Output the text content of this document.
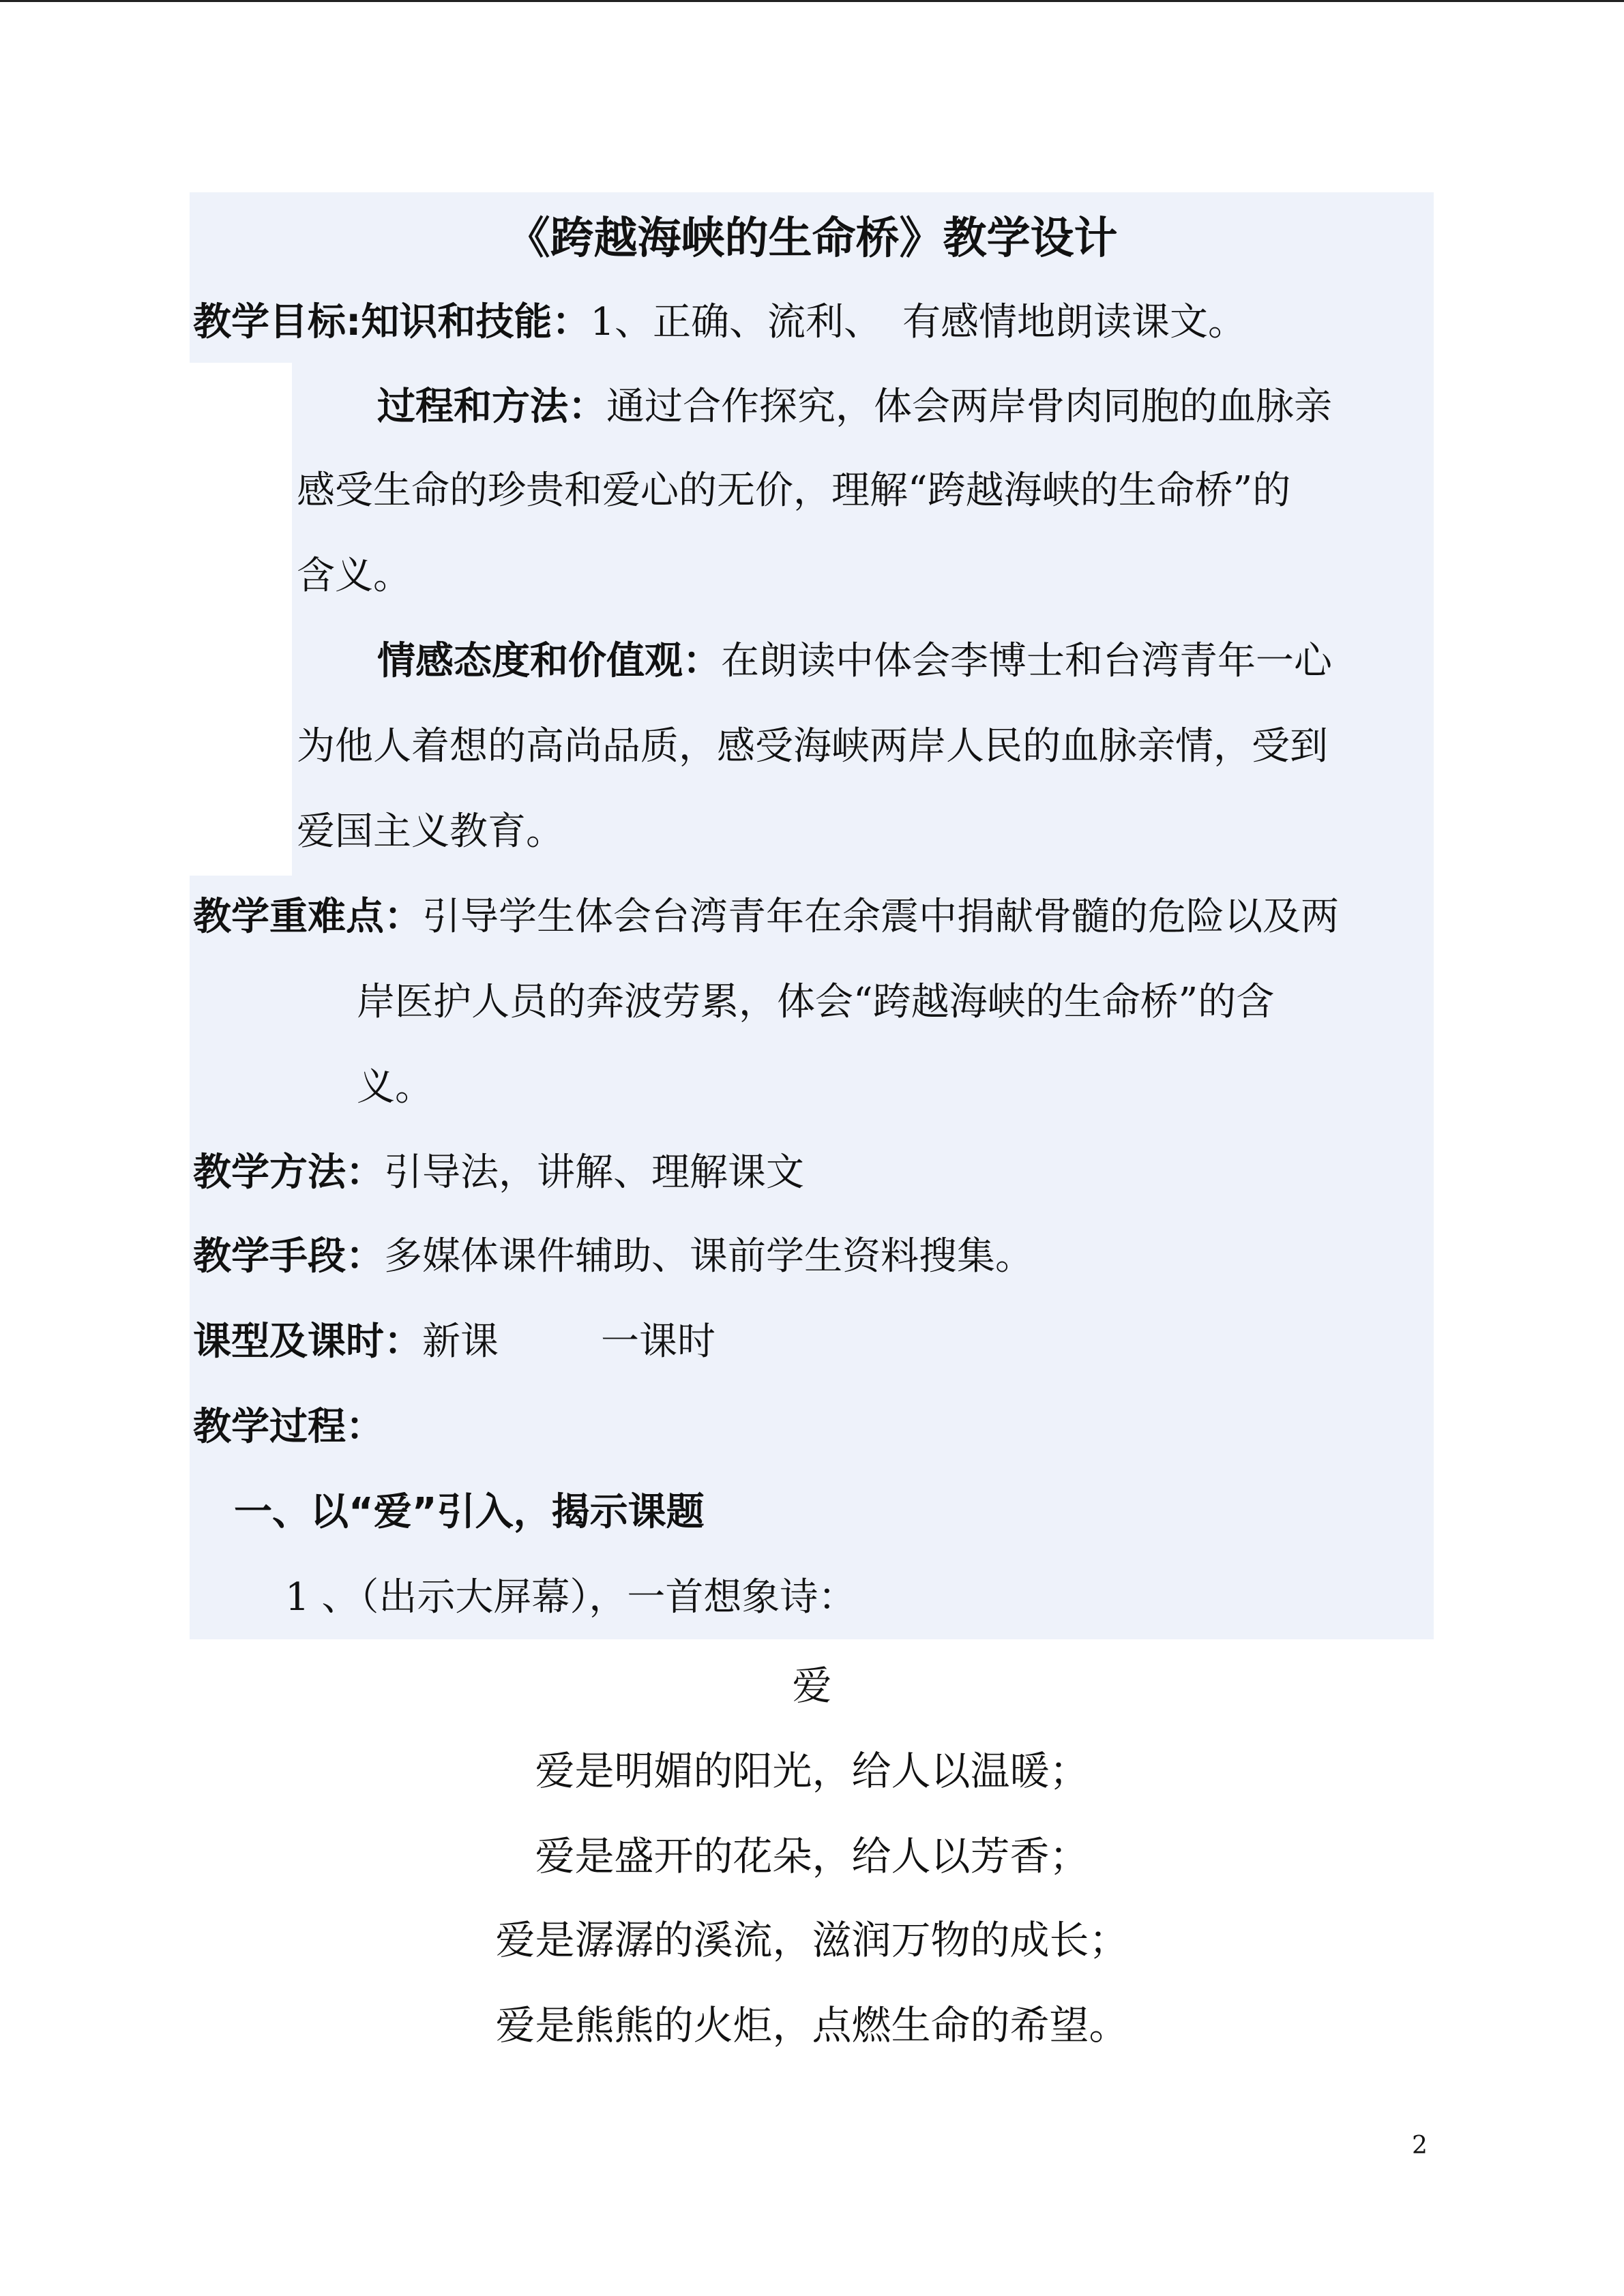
《跨越海峡的生命桥》教学设计
教学目标:知识和技能：1、正确、流利、 有感情地朗读课文。
过程和方法：通过合作探究，体会两岸骨肉同胞的血脉亲
感受生命的珍贵和爱心的无价，理解“跨越海峡的生命桥”的
含义。
情感态度和价值观：在朗读中体会李博士和台湾青年一心
为他人着想的高尚品质，感受海峡两岸人民的血脉亲情，受到
爱国主义教育。
教学重难点：引导学生体会台湾青年在余震中捐献骨髓的危险以及两
岸医护人员的奔波劳累，体会“跨越海峡的生命桥”的含
义。
教学方法：引导法，讲解、理解课文
教学手段：多媒体课件辅助、课前学生资料搜集。
课型及课时：新课	一课时
教学过程：
一、以“爱”引入，揭示课题
1 、（出示大屏幕），一首想象诗：
爱
爱是明媚的阳光，给人以温暖；
爱是盛开的花朵，给人以芳香；
爱是潺潺的溪流，滋润万物的成长；
爱是熊熊的火炬，点燃生命的希望。
2
